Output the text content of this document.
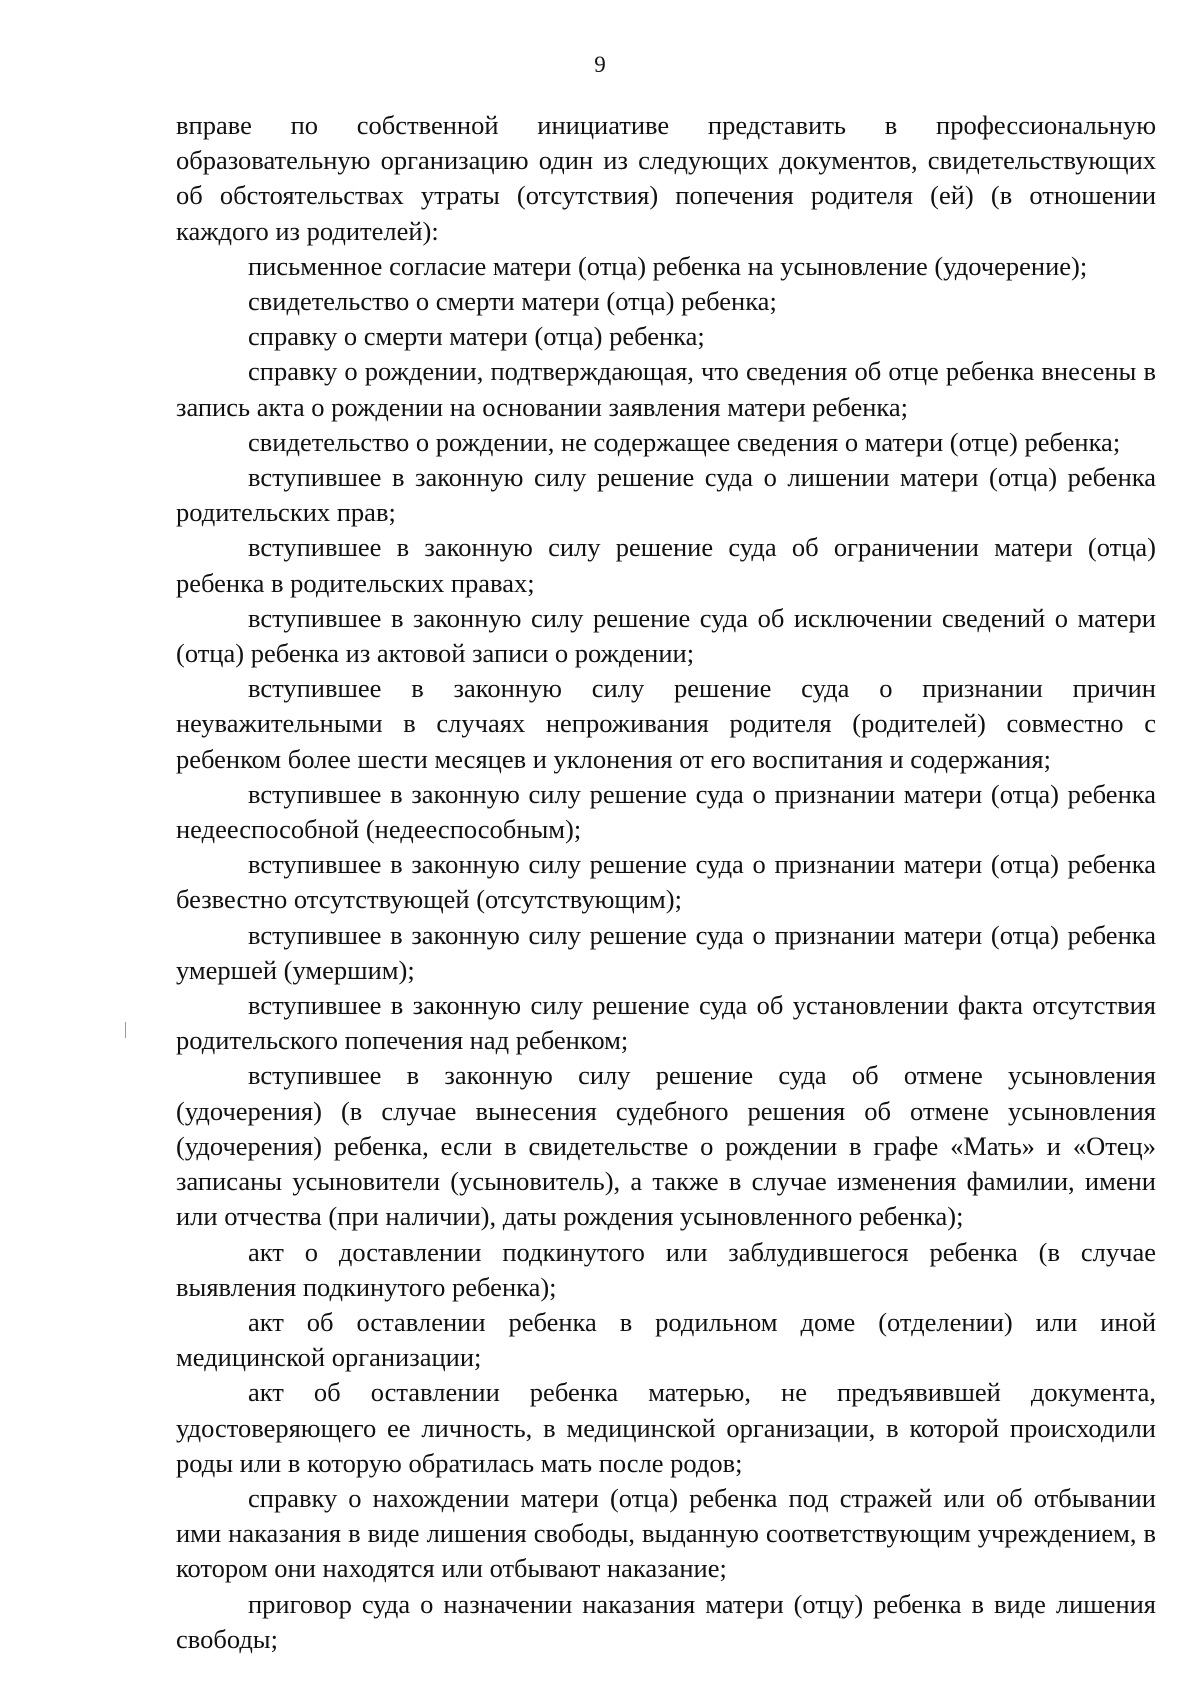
9

вправе по собственной инициативе представить в профессиональную образовательную организацию один из следующих документов, свидетельствующих об обстоятельствах утраты (отсутствия) попечения родителя (ей) (в отношении каждого из родителей):

письменное согласие матери (отца) ребенка на усыновление (удочерение);

свидетельство о смерти матери (отца) ребенка;

справку о смерти матери (отца) ребенка;

справку о рождении, подтверждающая, что сведения об отце ребенка внесены в запись акта о рождении на основании заявления матери ребенка;

свидетельство о рождении, не содержащее сведения о матери (отце) ребенка;

вступившее в законную силу решение суда о лишении матери (отца) ребенка родительских прав;

вступившее в законную силу решение суда об ограничении матери (отца) ребенка в родительских правах;

вступившее в законную силу решение суда об исключении сведений о матери (отца) ребенка из актовой записи о рождении;

вступившее в законную силу решение суда о признании причин неуважительными в случаях непроживания родителя (родителей) совместно с ребенком более шести месяцев и уклонения от его воспитания и содержания;

вступившее в законную силу решение суда о признании матери (отца) ребенка недееспособной (недееспособным);

вступившее в законную силу решение суда о признании матери (отца) ребенка безвестно отсутствующей (отсутствующим);

вступившее в законную силу решение суда о признании матери (отца) ребенка умершей (умершим);

вступившее в законную силу решение суда об установлении факта отсутствия родительского попечения над ребенком;

вступившее в законную силу решение суда об отмене усыновления (удочерения) (в случае вынесения судебного решения об отмене усыновления (удочерения) ребенка, если в свидетельстве о рождении в графе «Мать» и «Отец» записаны усыновители (усыновитель), а также в случае изменения фамилии, имени или отчества (при наличии), даты рождения усыновленного ребенка);

акт о доставлении подкинутого или заблудившегося ребенка (в случае выявления подкинутого ребенка);

акт об оставлении ребенка в родильном доме (отделении) или иной медицинской организации;

акт об оставлении ребенка матерью, не предъявившей документа, удостоверяющего ее личность, в медицинской организации, в которой происходили роды или в которую обратилась мать после родов;

справку о нахождении матери (отца) ребенка под стражей или об отбывании ими наказания в виде лишения свободы, выданную соответствующим учреждением, в котором они находятся или отбывают наказание;

приговор суда о назначении наказания матери (отцу) ребенка в виде лишения свободы;
